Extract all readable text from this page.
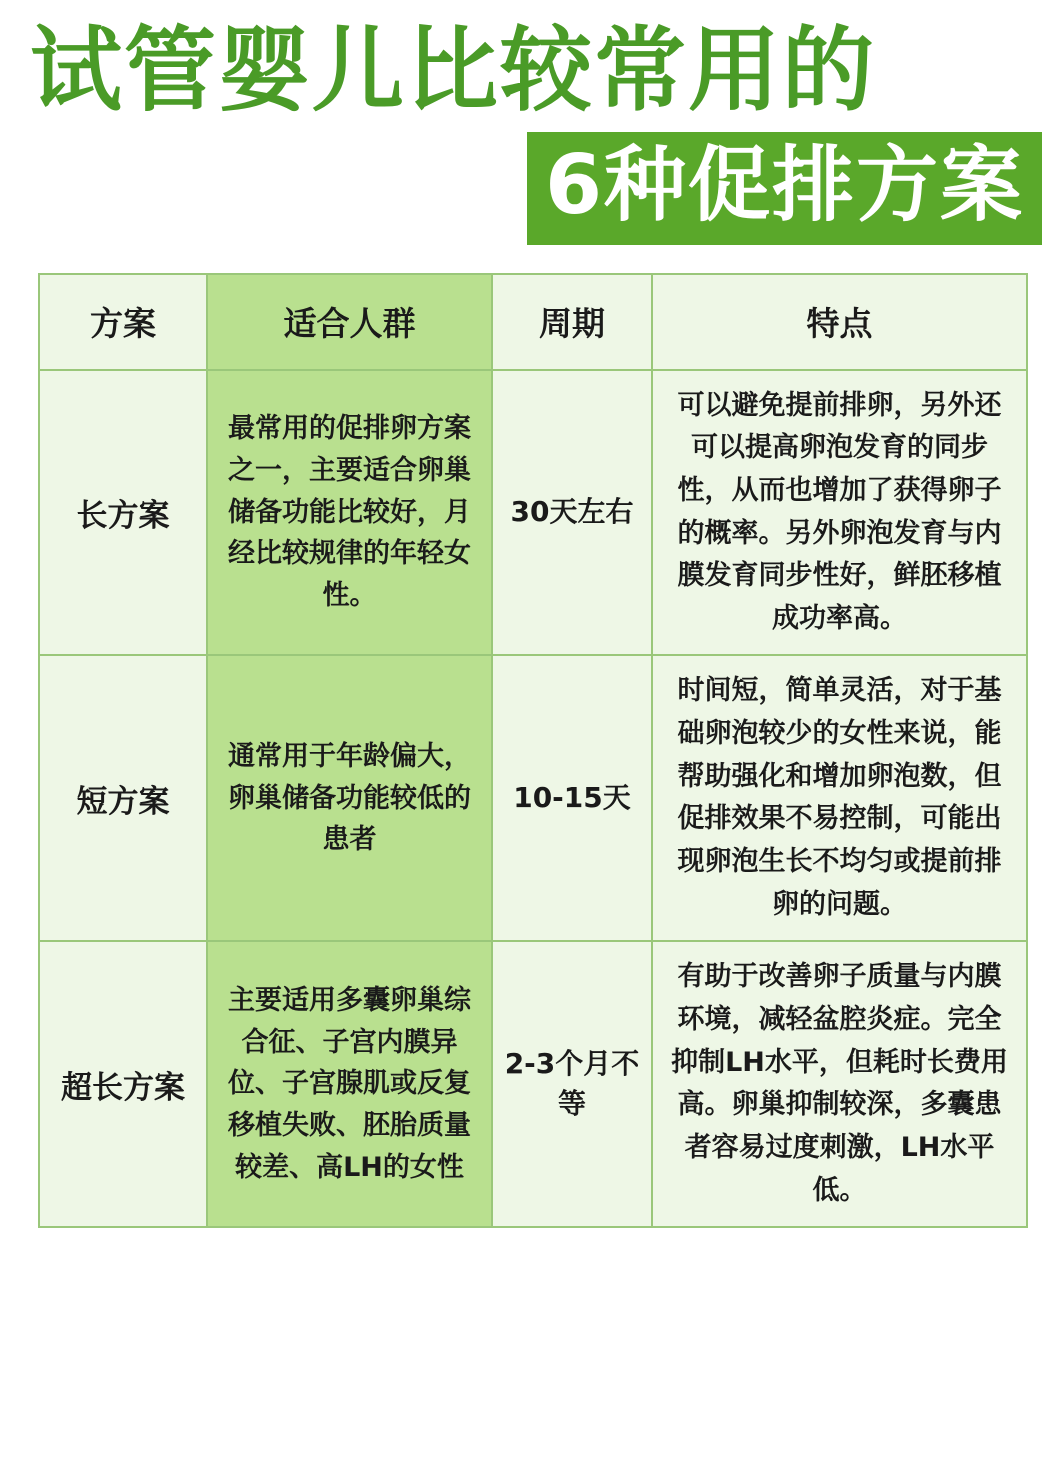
试管婴儿比较常用的
6种促排方案
方案	适合人群	周期	特点
长方案	最常用的促排卵方案之一，主要适合卵巢储备功能比较好，月经比较规律的年轻女性。	30天左右	可以避免提前排卵，另外还可以提高卵泡发育的同步性，从而也增加了获得卵子的概率。另外卵泡发育与内膜发育同步性好，鲜胚移植成功率高。
短方案	通常用于年龄偏大，卵巢储备功能较低的患者	10-15天	时间短，简单灵活，对于基础卵泡较少的女性来说，能帮助强化和增加卵泡数，但促排效果不易控制，可能出现卵泡生长不均匀或提前排卵的问题。
超长方案	主要适用多囊卵巢综合征、子宫内膜异位、子宫腺肌或反复移植失败、胚胎质量较差、高LH的女性	2-3个月不等	有助于改善卵子质量与内膜环境，减轻盆腔炎症。完全抑制LH水平，但耗时长费用高。卵巢抑制较深，多囊患者容易过度刺激，LH水平低。
